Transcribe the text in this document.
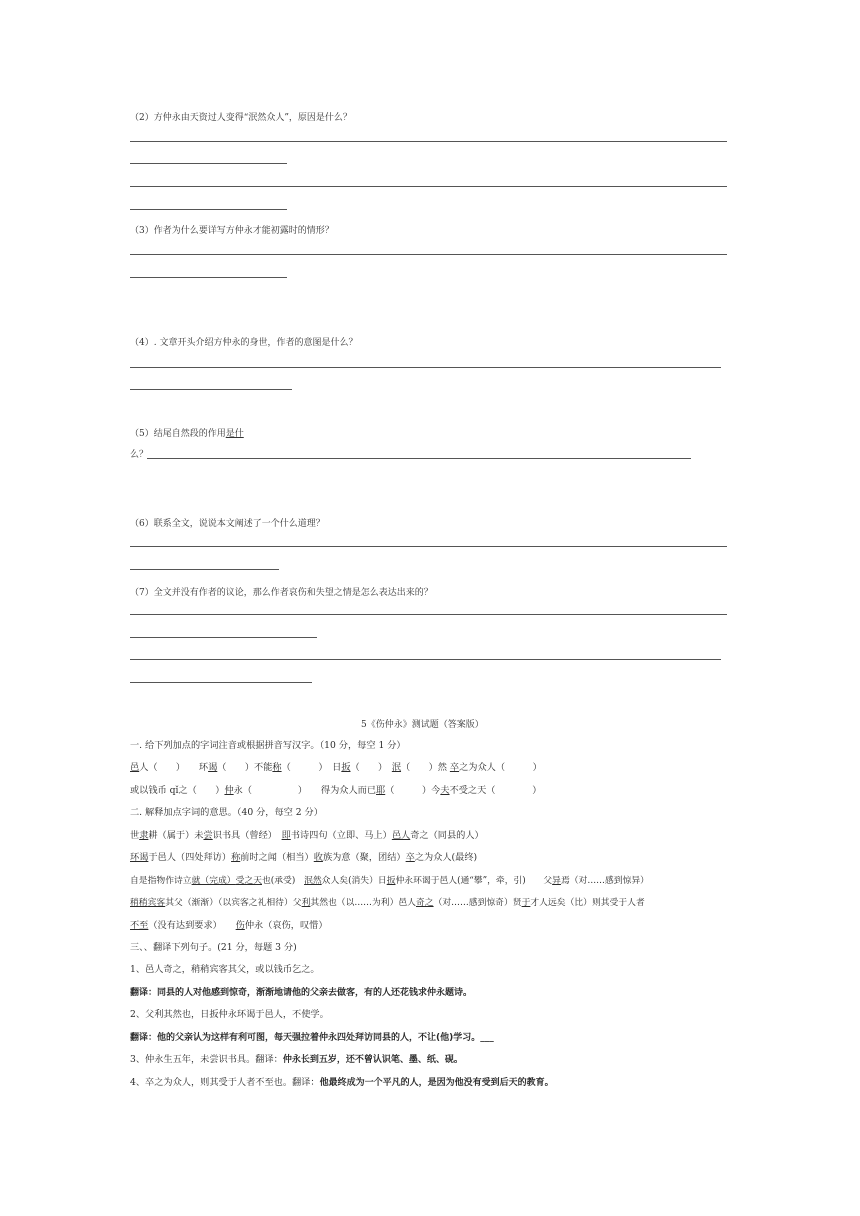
（2）方仲永由天资过人变得“泯然众人”，原因是什么？
（3）作者为什么要详写方仲永才能初露时的情形？
（4）. 文章开头介绍方仲永的身世，作者的意图是什么？
（5）结尾自然段的作用是什
么？
（6）联系全文，说说本文阐述了一个什么道理？
（7）全文并没有作者的议论，那么作者哀伤和失望之情是怎么表达出来的？
5《伤仲永》测试题（答案版）
一. 给下列加点的字词注音或根据拼音写汉字。（10 分，每空 1 分）
邑人（　　）　　环谒（　　）不能称（　　　）　日扳（　　）　泯（　　）然 卒之为众人（　　　）
或以钱币 qǐ之（　　）仲永（　　　　　）　　得为众人而已耶（　　　）今夫不受之天（　　　　）
二. 解释加点字词的意思。（40 分，每空 2 分）
世隶耕（属于）未尝识书具（曾经）　即书诗四句（立即、马上）邑人奇之（同县的人）
环谒于邑人（四处拜访）称前时之闻（相当）收族为意（聚，团结）卒之为众人(最终)
自是指物作诗立就（完成）受之天也(承受)　泯然众人矣(消失）日扳仲永环谒于邑人(通“攀”，牵，引)　　父异焉（对……感到惊异）
稍稍宾客其父（渐渐）（以宾客之礼相待）父利其然也（以……为利）邑人奇之（对……感到惊奇）贤于才人远矣（比）则其受于人者
不至（没有达到要求）　　伤仲永（哀伤，叹惜）
三、、翻译下列句子。(21 分，每题 3 分)
1、邑人奇之，稍稍宾客其父，或以钱币乞之。
翻译：同县的人对他感到惊奇，渐渐地请他的父亲去做客，有的人还花钱求仲永题诗。
2、父利其然也，日扳仲永环谒于邑人，不使学。
翻译：他的父亲认为这样有利可图，每天强拉着仲永四处拜访同县的人，不让(他)学习。___
3、仲永生五年，未尝识书具。翻译：仲永长到五岁，还不曾认识笔、墨、纸、砚。
4、卒之为众人，则其受于人者不至也。翻译：他最终成为一个平凡的人，是因为他没有受到后天的教育。
